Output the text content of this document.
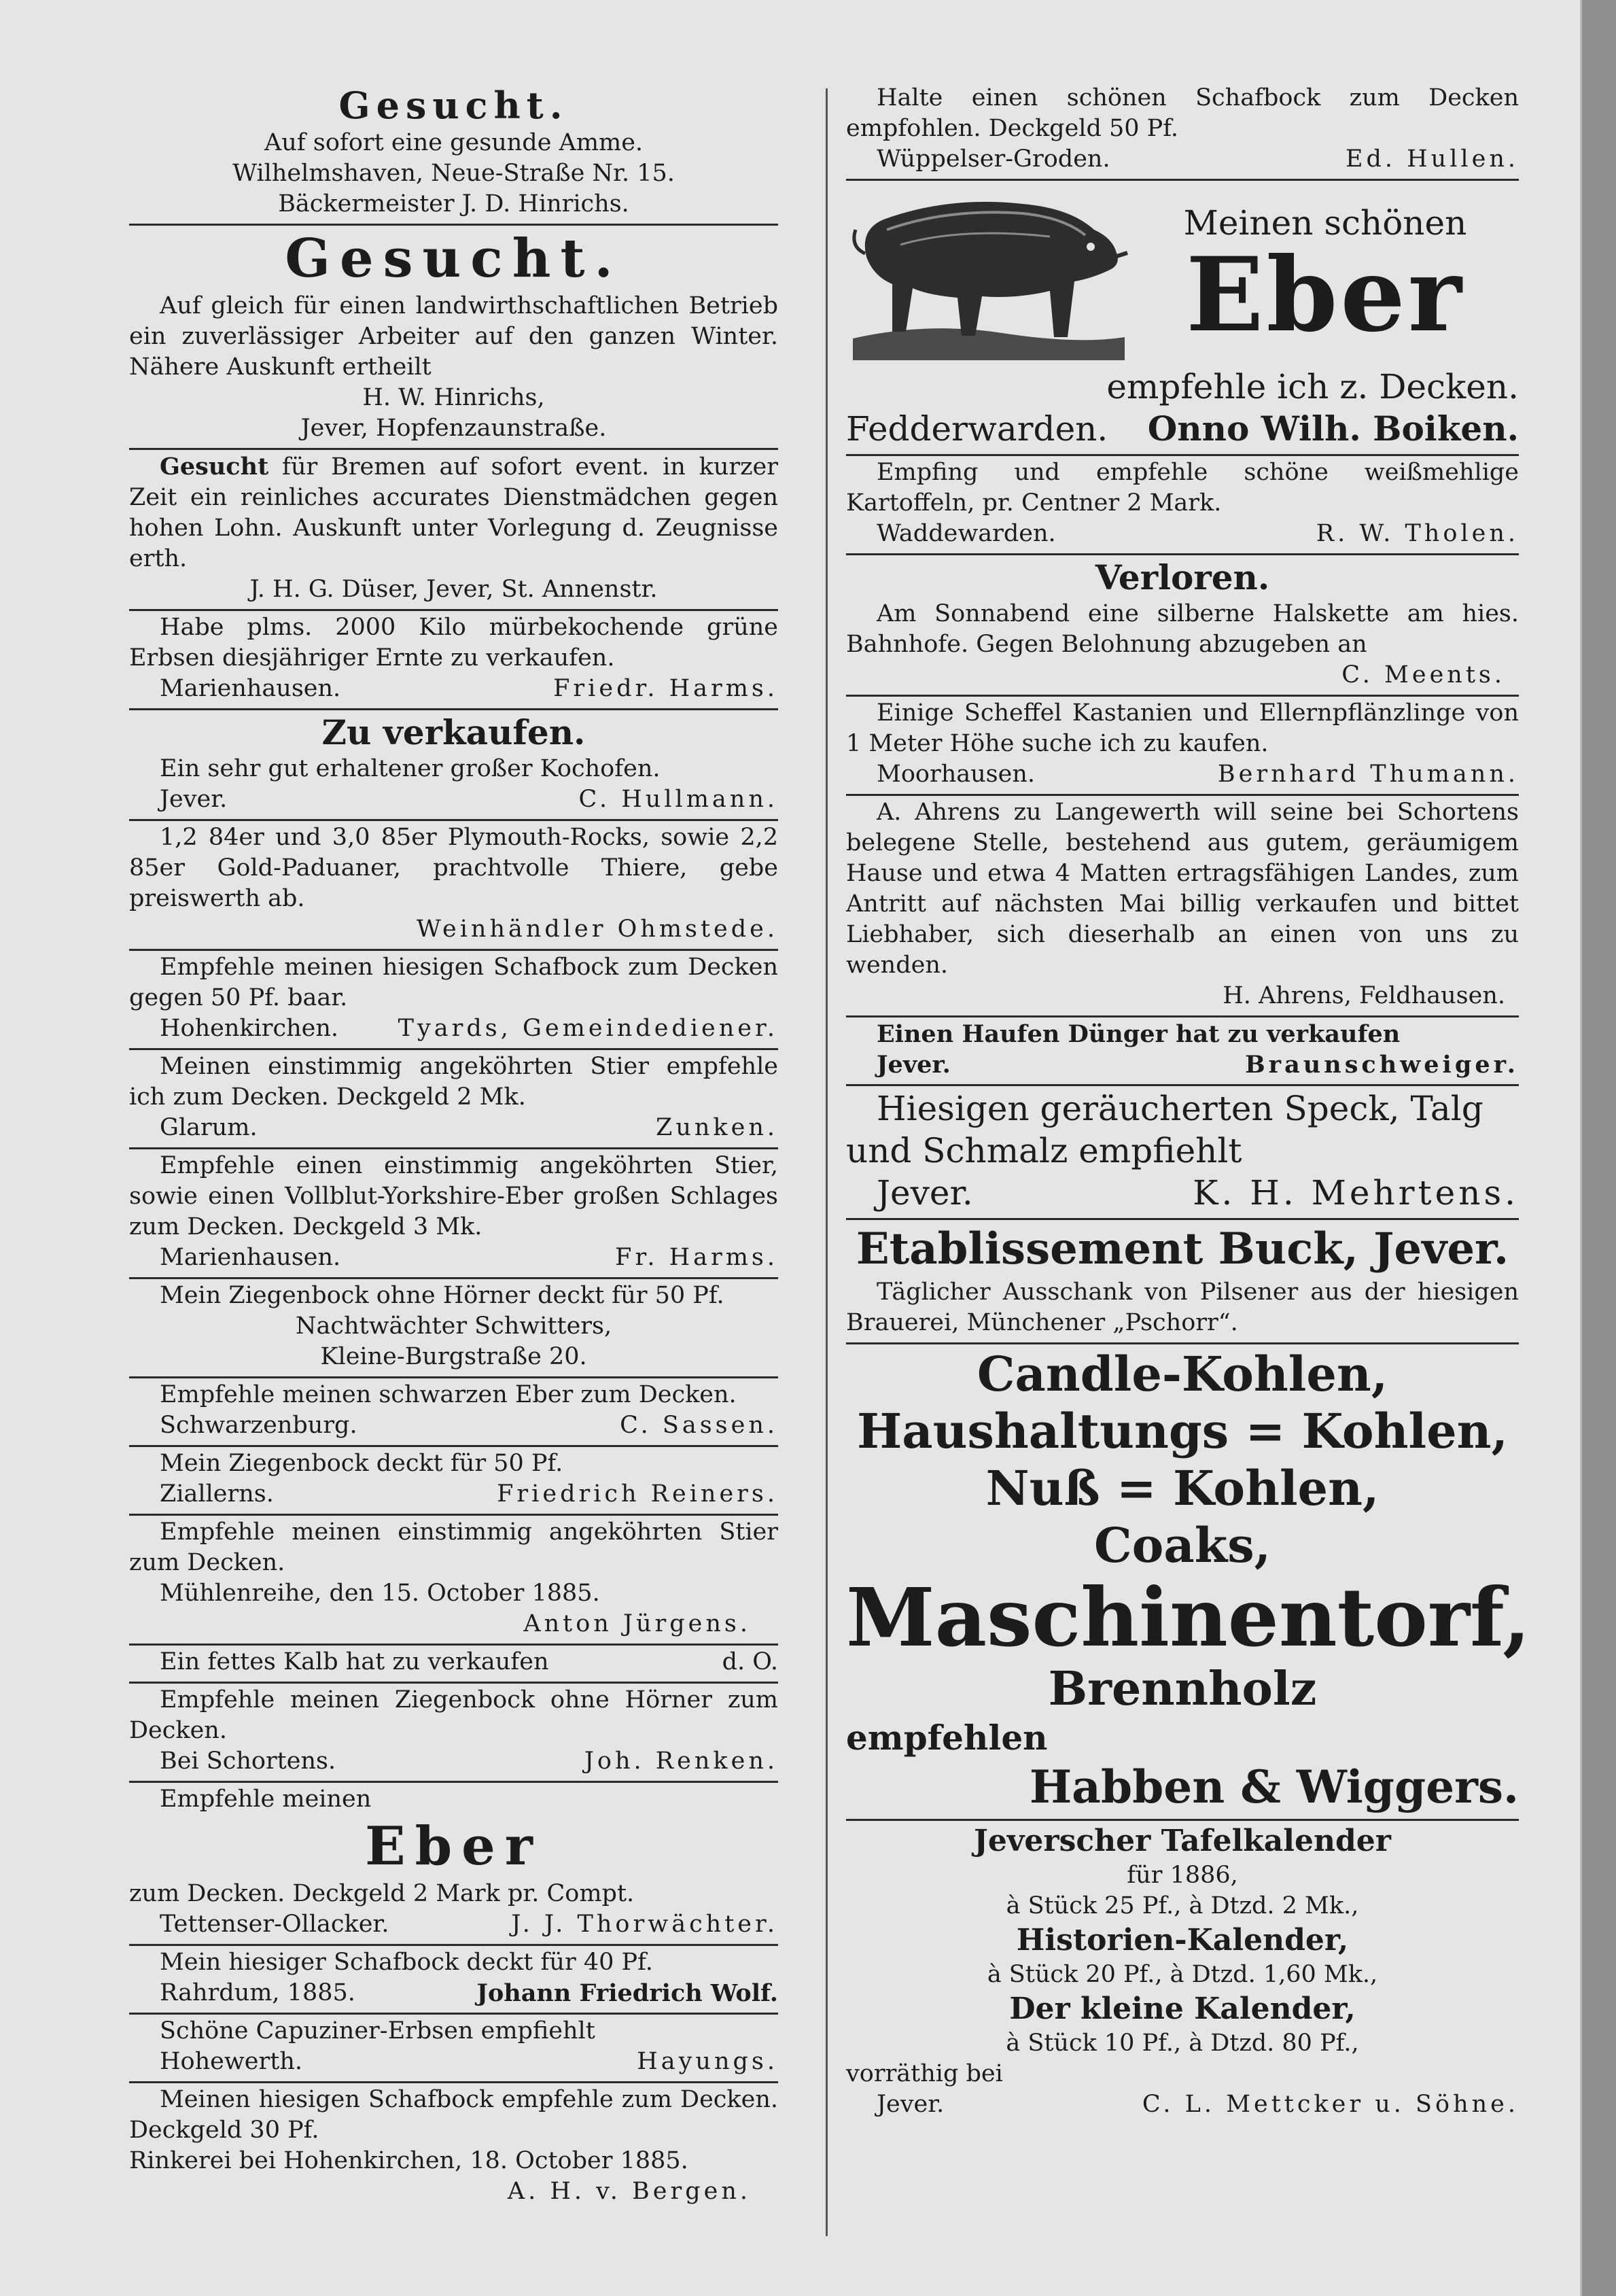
Gesucht.
Auf sofort eine gesunde Amme.
Wilhelmshaven, Neue-Straße Nr. 15.
Bäckermeister J. D. Hinrichs.
Gesucht.
Auf gleich für einen landwirthschaftlichen Betrieb ein zuverlässiger Arbeiter auf den ganzen Winter. Nähere Auskunft ertheilt
H. W. Hinrichs,
Jever, Hopfenzaunstraße.
Gesucht für Bremen auf sofort event. in kurzer Zeit ein reinliches accurates Dienstmädchen gegen hohen Lohn. Auskunft unter Vorlegung d. Zeugnisse erth.
J. H. G. Düser, Jever, St. Annenstr.
Habe plms. 2000 Kilo mürbekochende grüne Erbsen diesjähriger Ernte zu verkaufen.
Marienhausen.	Friedr. Harms.
Zu verkaufen.
Ein sehr gut erhaltener großer Kochofen.
Jever.	C. Hullmann.
1,2 84er und 3,0 85er Plymouth-Rocks, sowie 2,2 85er Gold-Paduaner, prachtvolle Thiere, gebe preiswerth ab.
Weinhändler Ohmstede.
Empfehle meinen hiesigen Schafbock zum Decken gegen 50 Pf. baar.
Hohenkirchen.	Tyards, Gemeindediener.
Meinen einstimmig angeköhrten Stier empfehle ich zum Decken. Deckgeld 2 Mk.
Glarum.	Zunken.
Empfehle einen einstimmig angeköhrten Stier, sowie einen Vollblut-Yorkshire-Eber großen Schlages zum Decken. Deckgeld 3 Mk.
Marienhausen.	Fr. Harms.
Mein Ziegenbock ohne Hörner deckt für 50 Pf.
Nachtwächter Schwitters,
Kleine-Burgstraße 20.
Empfehle meinen schwarzen Eber zum Decken.
Schwarzenburg.	C. Sassen.
Mein Ziegenbock deckt für 50 Pf.
Ziallerns.	Friedrich Reiners.
Empfehle meinen einstimmig angeköhrten Stier zum Decken.
Mühlenreihe, den 15. October 1885.
Anton Jürgens.
Ein fettes Kalb hat zu verkaufen	d. O.
Empfehle meinen Ziegenbock ohne Hörner zum Decken.
Bei Schortens.	Joh. Renken.
Empfehle meinen
Eber
zum Decken. Deckgeld 2 Mark pr. Compt.
Tettenser-Ollacker.	J. J. Thorwächter.
Mein hiesiger Schafbock deckt für 40 Pf.
Rahrdum, 1885.	Johann Friedrich Wolf.
Schöne Capuziner-Erbsen empfiehlt
Hohewerth.	Hayungs.
Meinen hiesigen Schafbock empfehle zum Decken. Deckgeld 30 Pf.
Rinkerei bei Hohenkirchen, 18. October 1885.
A. H. v. Bergen.
Halte einen schönen Schafbock zum Decken empfohlen. Deckgeld 50 Pf.
Wüppelser-Groden.	Ed. Hullen.
Meinen schönen
Eber
empfehle ich z. Decken.
Fedderwarden. Onno Wilh. Boiken.
Empfing und empfehle schöne weißmehlige Kartoffeln, pr. Centner 2 Mark.
Waddewarden.	R. W. Tholen.
Verloren.
Am Sonnabend eine silberne Halskette am hies. Bahnhofe. Gegen Belohnung abzugeben an
C. Meents.
Einige Scheffel Kastanien und Ellernpflänzlinge von 1 Meter Höhe suche ich zu kaufen.
Moorhausen.	Bernhard Thumann.
A. Ahrens zu Langewerth will seine bei Schortens belegene Stelle, bestehend aus gutem, geräumigem Hause und etwa 4 Matten ertragsfähigen Landes, zum Antritt auf nächsten Mai billig verkaufen und bittet Liebhaber, sich dieserhalb an einen von uns zu wenden.
H. Ahrens, Feldhausen.
Einen Haufen Dünger hat zu verkaufen
Jever.	Braunschweiger.
Hiesigen geräucherten Speck, Talg
und Schmalz empfiehlt
Jever.	K. H. Mehrtens.
Etablissement Buck, Jever.
Täglicher Ausschank von Pilsener aus der hiesigen Brauerei, Münchener „Pschorr“.
Candle-Kohlen,
Haushaltungs = Kohlen,
Nuß = Kohlen,
Coaks,
Maschinentorf,
Brennholz
empfehlen
Habben & Wiggers.
Jeverscher Tafelkalender
für 1886,
à Stück 25 Pf., à Dtzd. 2 Mk.,
Historien-Kalender,
à Stück 20 Pf., à Dtzd. 1,60 Mk.,
Der kleine Kalender,
à Stück 10 Pf., à Dtzd. 80 Pf.,
vorräthig bei
Jever.	C. L. Mettcker u. Söhne.
